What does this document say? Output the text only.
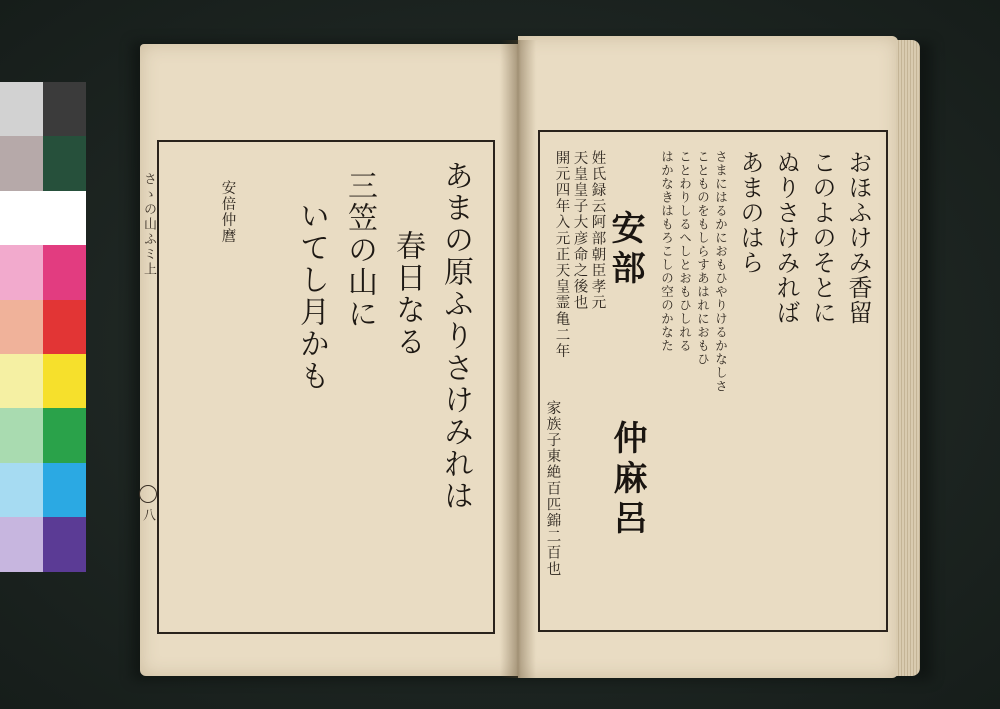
さゝの山ふミ上
八
あまの原ふりさけみれは
春日なる
三笠の山に
いてし月かも
安倍仲麿	おほふけみ香留
このよのそとに
ぬりさけみれば
あまのはら
さまにはるかにおもひやりけるかなしさ
ことものをもしらすあはれにおもひ
ことわりしるへしとおもひしれる
はかなきはもろこしの空のかなた
安部
仲麻呂
姓氏録云阿部朝臣孝元
天皇皇子大彦命之後也
開元四年入元正天皇霊亀二年
家族子東絶百匹錦二百也
